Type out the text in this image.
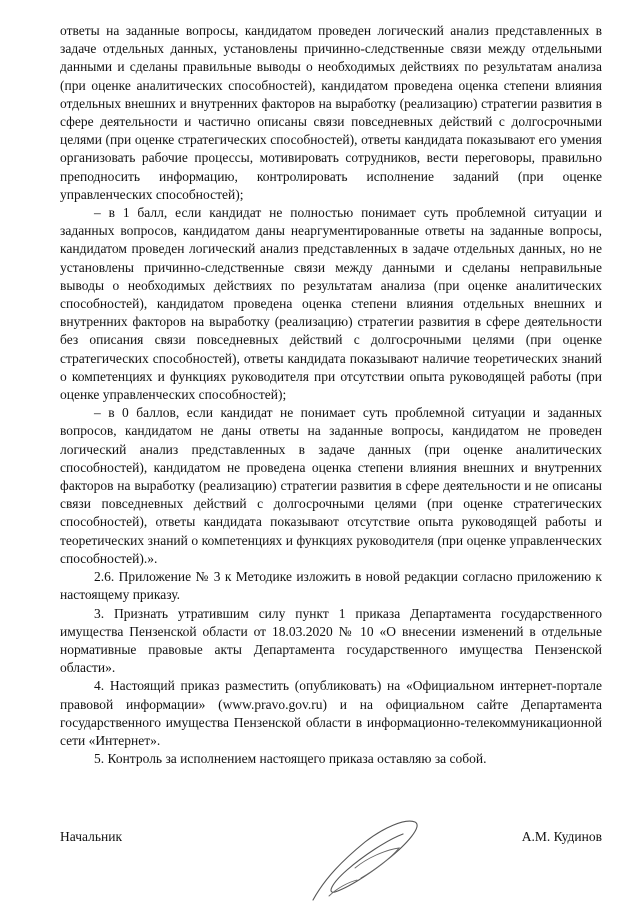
ответы на заданные вопросы, кандидатом проведен логический анализ представленных в задаче отдельных данных, установлены причинно-следственные связи между отдельными данными и сделаны правильные выводы о необходимых действиях по результатам анализа (при оценке аналитических способностей), кандидатом проведена оценка степени влияния отдельных внешних и внутренних факторов на выработку (реализацию) стратегии развития в сфере деятельности и частично описаны связи повседневных действий с долгосрочными целями (при оценке стратегических способностей), ответы кандидата показывают его умения организовать рабочие процессы, мотивировать сотрудников, вести переговоры, правильно преподносить информацию, контролировать исполнение заданий (при оценке управленческих способностей);

– в 1 балл, если кандидат не полностью понимает суть проблемной ситуации и заданных вопросов, кандидатом даны неаргументированные ответы на заданные вопросы, кандидатом проведен логический анализ представленных в задаче отдельных данных, но не установлены причинно-следственные связи между данными и сделаны неправильные выводы о необходимых действиях по результатам анализа (при оценке аналитических способностей), кандидатом проведена оценка степени влияния отдельных внешних и внутренних факторов на выработку (реализацию) стратегии развития в сфере деятельности без описания связи повседневных действий с долгосрочными целями (при оценке стратегических способностей), ответы кандидата показывают наличие теоретических знаний о компетенциях и функциях руководителя при отсутствии опыта руководящей работы (при оценке управленческих способностей);

– в 0 баллов, если кандидат не понимает суть проблемной ситуации и заданных вопросов, кандидатом не даны ответы на заданные вопросы, кандидатом не проведен логический анализ представленных в задаче данных (при оценке аналитических способностей), кандидатом не проведена оценка степени влияния внешних и внутренних факторов на выработку (реализацию) стратегии развития в сфере деятельности и не описаны связи повседневных действий с долгосрочными целями (при оценке стратегических способностей), ответы кандидата показывают отсутствие опыта руководящей работы и теоретических знаний о компетенциях и функциях руководителя (при оценке управленческих способностей).».

2.6. Приложение № 3 к Методике изложить в новой редакции согласно приложению к настоящему приказу.

3. Признать утратившим силу пункт 1 приказа Департамента государственного имущества Пензенской области от 18.03.2020 № 10 «О внесении изменений в отдельные нормативные правовые акты Департамента государственного имущества Пензенской области».

4. Настоящий приказ разместить (опубликовать) на «Официальном интернет-портале правовой информации» (www.pravo.gov.ru) и на официальном сайте Департамента государственного имущества Пензенской области в информационно-телекоммуникационной сети «Интернет».

5. Контроль за исполнением настоящего приказа оставляю за собой.

Начальник	А.М. Кудинов
